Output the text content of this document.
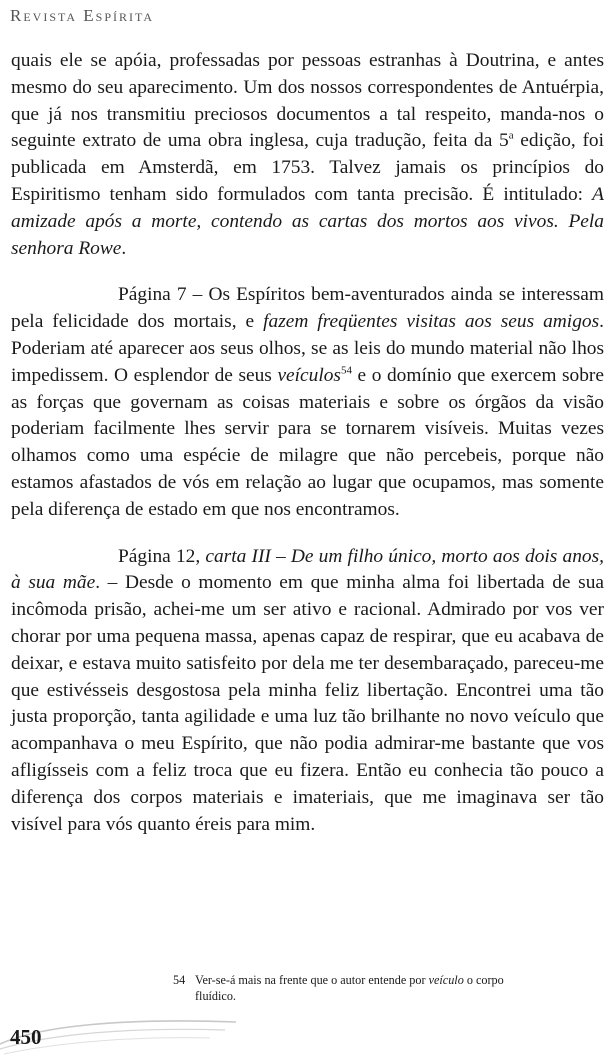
Revista Espírita

quais ele se apóia, professadas por pessoas estranhas à Doutrina, e antes mesmo do seu aparecimento. Um dos nossos correspondentes de Antuérpia, que já nos transmitiu preciosos documentos a tal respeito, manda-nos o seguinte extrato de uma obra inglesa, cuja tradução, feita da 5$^a$ edição, foi publicada em Amsterdã, em 1753. Talvez jamais os princípios do Espiritismo tenham sido formulados com tanta precisão. É intitulado: A amizade após a morte, contendo as cartas dos mortos aos vivos. Pela senhora Rowe.

Página 7 – Os Espíritos bem-aventurados ainda se interessam pela felicidade dos mortais, e fazem freqüentes visitas aos seus amigos. Poderiam até aparecer aos seus olhos, se as leis do mundo material não lhos impedissem. O esplendor de seus veículos$^{54}$ e o domínio que exercem sobre as forças que governam as coisas materiais e sobre os órgãos da visão poderiam facilmente lhes servir para se tornarem visíveis. Muitas vezes olhamos como uma espécie de milagre que não percebeis, porque não estamos afastados de vós em relação ao lugar que ocupamos, mas somente pela diferença de estado em que nos encontramos.

Página 12, carta III – De um filho único, morto aos dois anos, à sua mãe. – Desde o momento em que minha alma foi libertada de sua incômoda prisão, achei-me um ser ativo e racional. Admirado por vos ver chorar por uma pequena massa, apenas capaz de respirar, que eu acabava de deixar, e estava muito satisfeito por dela me ter desembaraçado, pareceu-me que estivésseis desgostosa pela minha feliz libertação. Encontrei uma tão justa proporção, tanta agilidade e uma luz tão brilhante no novo veículo que acompanhava o meu Espírito, que não podia admirar-me bastante que vos afligísseis com a feliz troca que eu fizera. Então eu conhecia tão pouco a diferença dos corpos materiais e imateriais, que me imaginava ser tão visível para vós quanto éreis para mim.

54 Ver-se-á mais na frente que o autor entende por veículo o corpo
fluídico.
450
